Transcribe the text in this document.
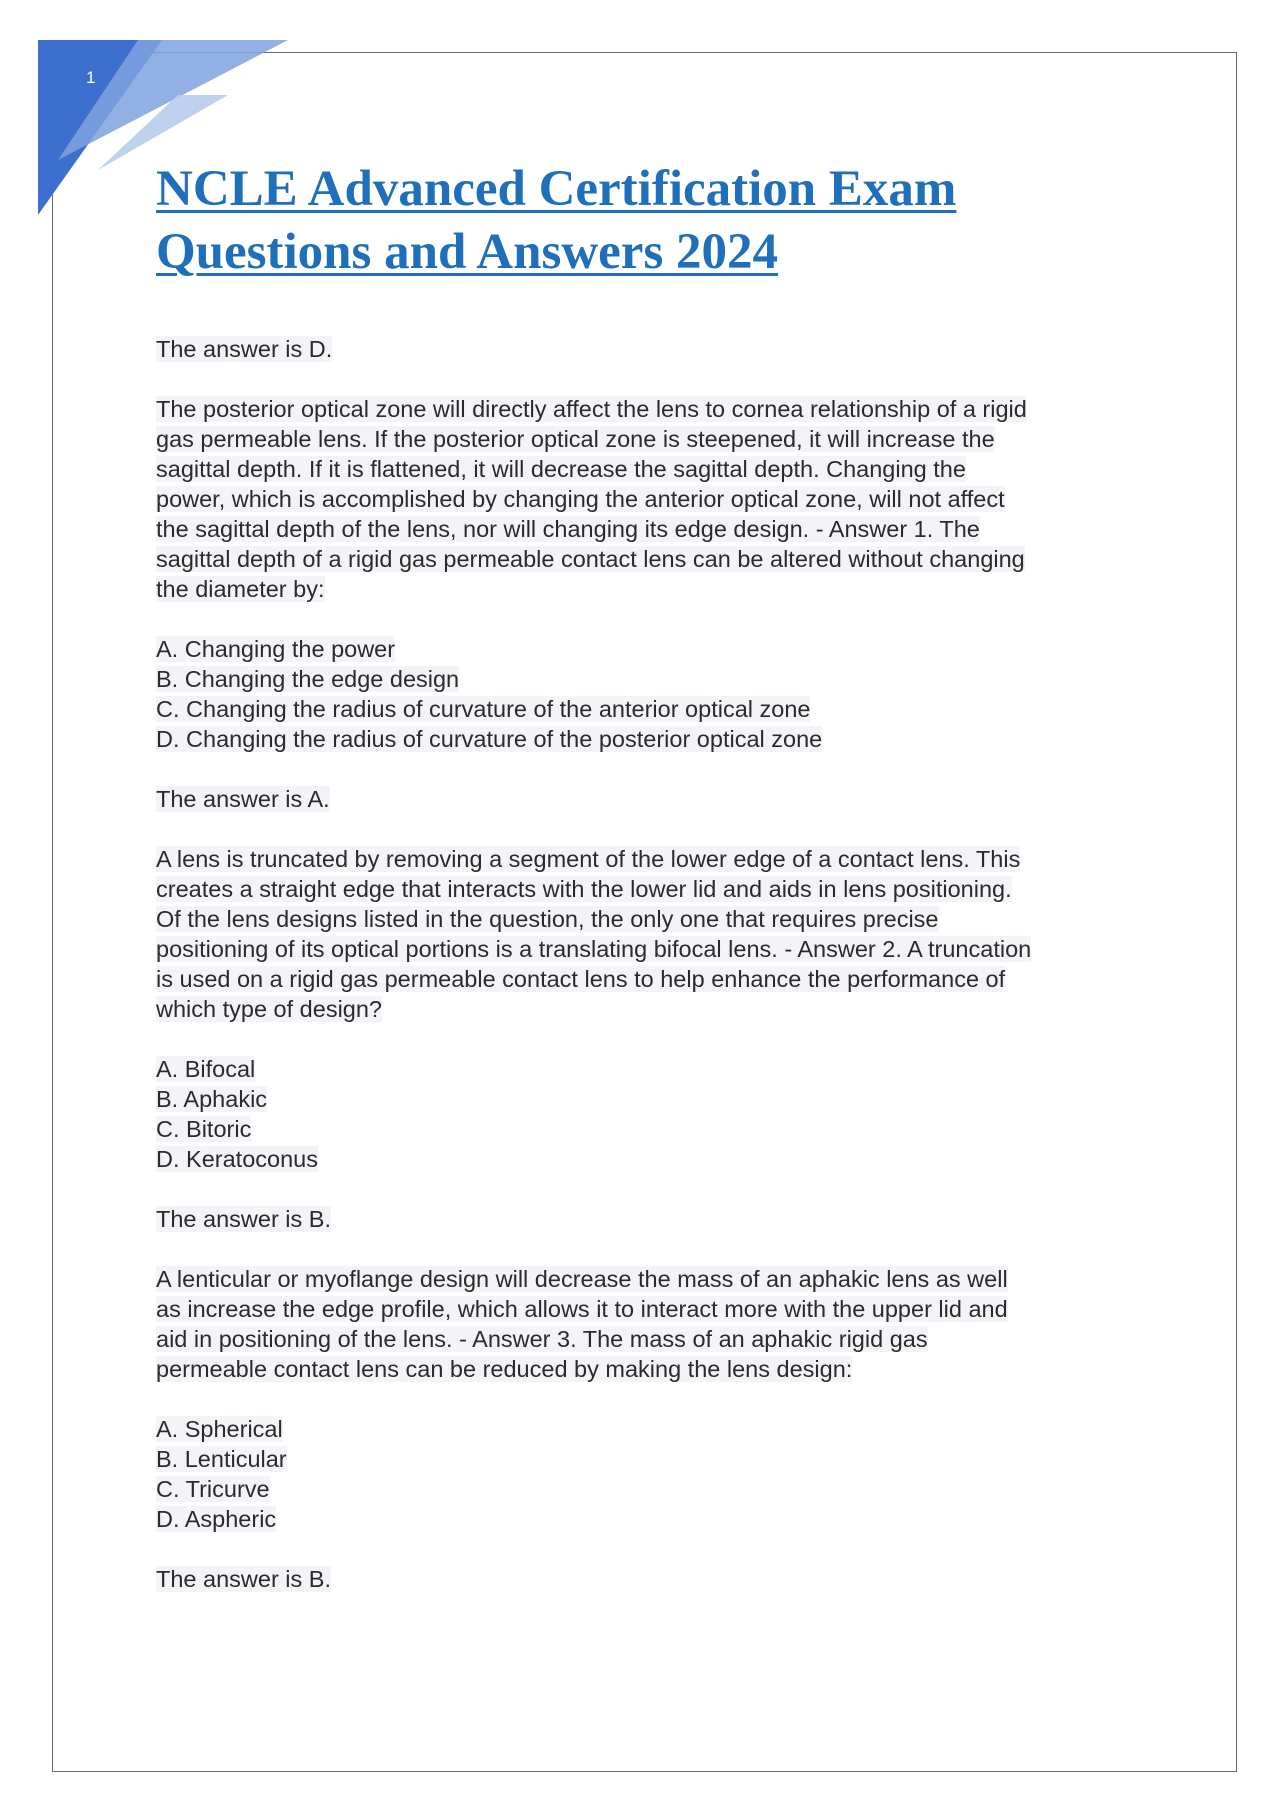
1
NCLE Advanced Certification Exam
Questions and Answers 2024

The answer is D.

The posterior optical zone will directly affect the lens to cornea relationship of a rigid
gas permeable lens. If the posterior optical zone is steepened, it will increase the
sagittal depth. If it is flattened, it will decrease the sagittal depth. Changing the
power, which is accomplished by changing the anterior optical zone, will not affect
the sagittal depth of the lens, nor will changing its edge design. - Answer 1. The
sagittal depth of a rigid gas permeable contact lens can be altered without changing
the diameter by:

A. Changing the power
B. Changing the edge design
C. Changing the radius of curvature of the anterior optical zone
D. Changing the radius of curvature of the posterior optical zone

The answer is A.

A lens is truncated by removing a segment of the lower edge of a contact lens. This
creates a straight edge that interacts with the lower lid and aids in lens positioning.
Of the lens designs listed in the question, the only one that requires precise
positioning of its optical portions is a translating bifocal lens. - Answer 2. A truncation
is used on a rigid gas permeable contact lens to help enhance the performance of
which type of design?

A. Bifocal
B. Aphakic
C. Bitoric
D. Keratoconus

The answer is B.

A lenticular or myoflange design will decrease the mass of an aphakic lens as well
as increase the edge profile, which allows it to interact more with the upper lid and
aid in positioning of the lens. - Answer 3. The mass of an aphakic rigid gas
permeable contact lens can be reduced by making the lens design:

A. Spherical
B. Lenticular
C. Tricurve
D. Aspheric

The answer is B.
